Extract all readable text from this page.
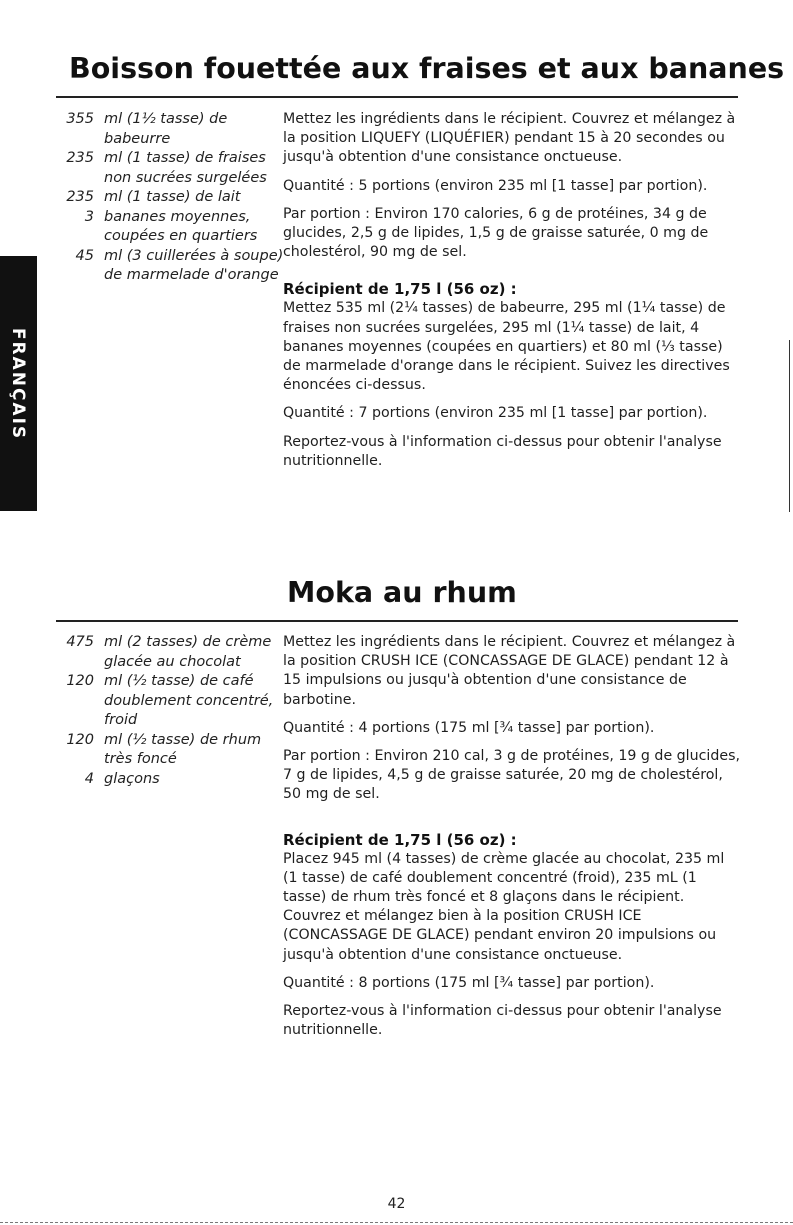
FRANÇAIS
Boisson fouettée aux fraises et aux bananes
355 ml (1½ tasse) de babeurre
235 ml (1 tasse) de fraises non sucrées surgelées
235 ml (1 tasse) de lait
3 bananes moyennes, coupées en quartiers
45 ml (3 cuillerées à soupe) de marmelade d'orange

Mettez les ingrédients dans le récipient. Couvrez et mélangez à la position LIQUEFY (LIQUÉFIER) pendant 15 à 20 secondes ou jusqu'à obtention d'une consistance onctueuse.

Quantité : 5 portions (environ 235 ml [1 tasse] par portion).

Par portion : Environ 170 calories, 6 g de protéines, 34 g de glucides, 2,5 g de lipides, 1,5 g de graisse saturée, 0 mg de cholestérol, 90 mg de sel.

Récipient de 1,75 l (56 oz) :

Mettez 535 ml (2¼ tasses) de babeurre, 295 ml (1¼ tasse) de fraises non sucrées surgelées, 295 ml (1¼ tasse) de lait, 4 bananes moyennes (coupées en quartiers) et 80 ml (⅓ tasse) de marmelade d'orange dans le récipient. Suivez les directives énoncées ci-dessus.

Quantité : 7 portions (environ 235 ml [1 tasse] par portion).

Reportez-vous à l'information ci-dessus pour obtenir l'analyse nutritionnelle.

Moka au rhum
475 ml (2 tasses) de crème glacée au chocolat
120 ml (½ tasse) de café doublement concentré, froid
120 ml (½ tasse) de rhum très foncé
4 glaçons

Mettez les ingrédients dans le récipient. Couvrez et mélangez à la position CRUSH ICE (CONCASSAGE DE GLACE) pendant 12 à 15 impulsions ou jusqu'à obtention d'une consistance de barbotine.

Quantité : 4 portions (175 ml [¾ tasse] par portion).

Par portion : Environ 210 cal, 3 g de protéines, 19 g de glucides, 7 g de lipides, 4,5 g de graisse saturée, 20 mg de cholestérol, 50 mg de sel.

Récipient de 1,75 l (56 oz) :

Placez 945 ml (4 tasses) de crème glacée au chocolat, 235 ml (1 tasse) de café doublement concentré (froid), 235 mL (1 tasse) de rhum très foncé et 8 glaçons dans le récipient. Couvrez et mélangez bien à la position CRUSH ICE (CONCASSAGE DE GLACE) pendant environ 20 impulsions ou jusqu'à obtention d'une consistance onctueuse.

Quantité : 8 portions (175 ml [¾ tasse] par portion).

Reportez-vous à l'information ci-dessus pour obtenir l'analyse nutritionnelle.

42
